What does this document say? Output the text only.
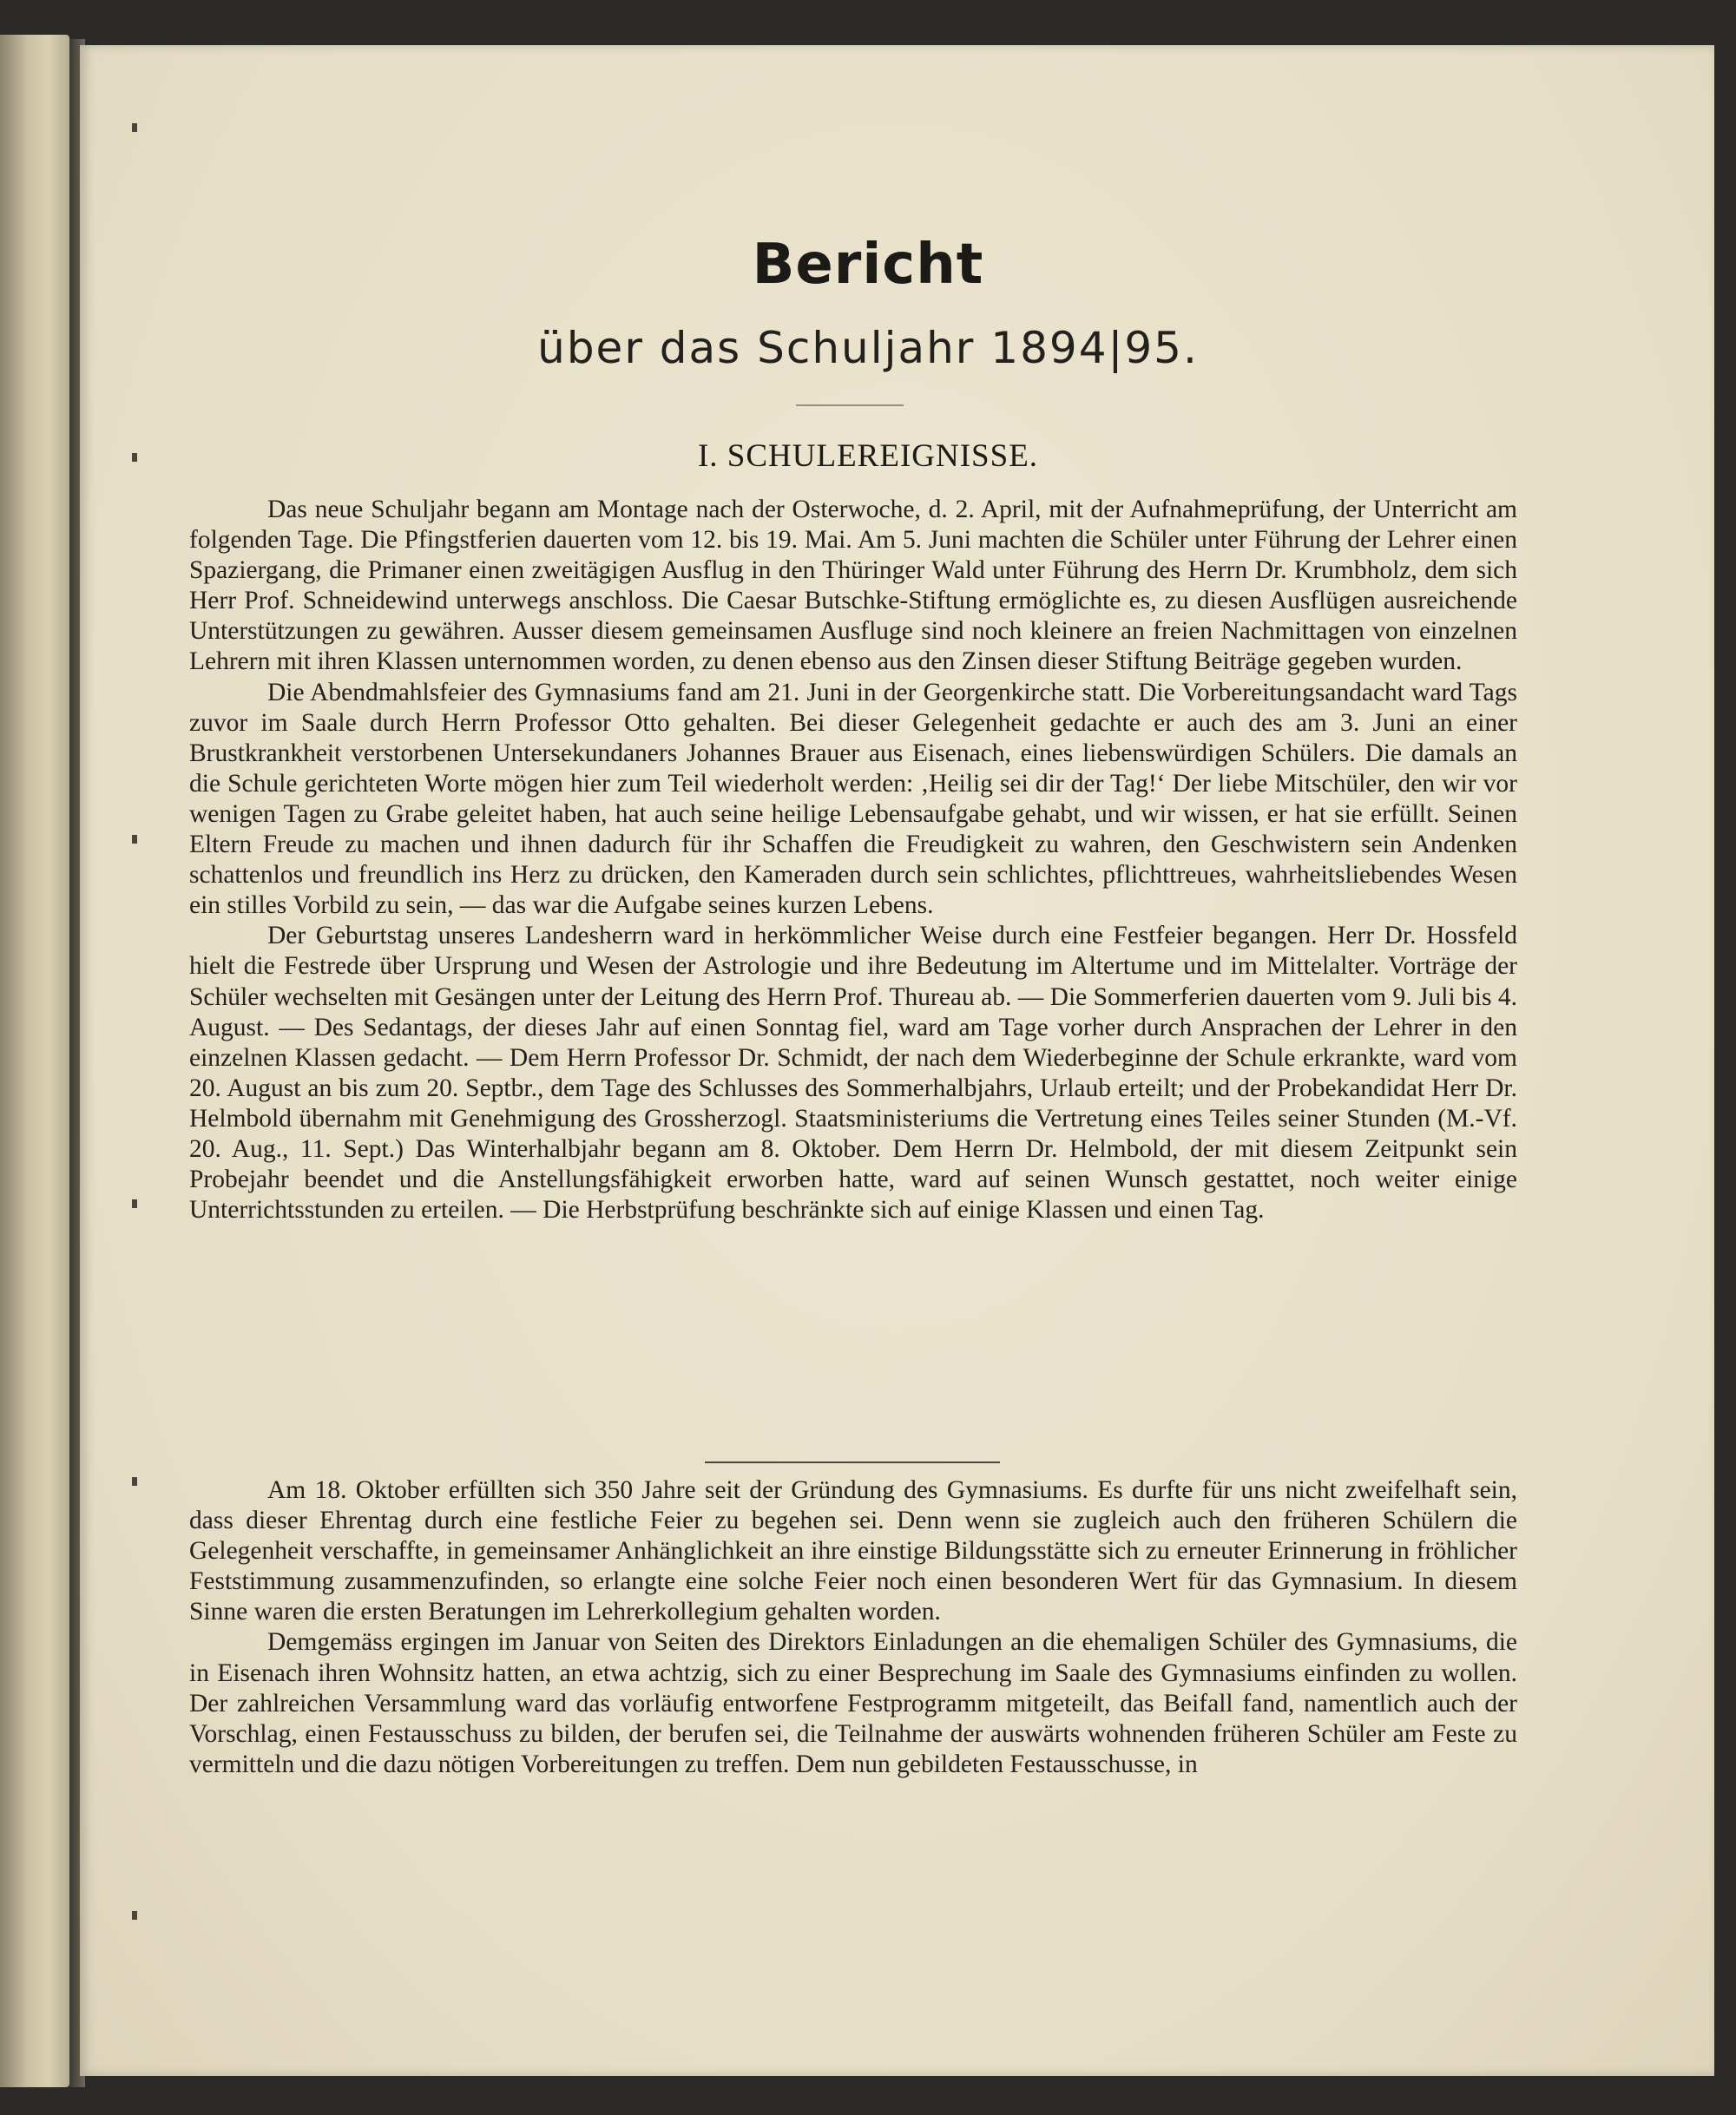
Bericht
über das Schuljahr 1894|95.
I. SCHULEREIGNISSE.

Das neue Schuljahr begann am Montage nach der Osterwoche, d. 2. April, mit der Aufnahmeprüfung, der Unterricht am folgenden Tage. Die Pfingstferien dauerten vom 12. bis 19. Mai. Am 5. Juni machten die Schüler unter Führung der Lehrer einen Spaziergang, die Primaner einen zweitägigen Ausflug in den Thüringer Wald unter Führung des Herrn Dr. Krumbholz, dem sich Herr Prof. Schneidewind unterwegs anschloss. Die Caesar Butschke-Stiftung ermöglichte es, zu diesen Ausflügen ausreichende Unterstützungen zu gewähren. Ausser diesem gemeinsamen Ausfluge sind noch kleinere an freien Nachmittagen von einzelnen Lehrern mit ihren Klassen unternommen worden, zu denen ebenso aus den Zinsen dieser Stiftung Beiträge gegeben wurden.

Die Abendmahlsfeier des Gymnasiums fand am 21. Juni in der Georgenkirche statt. Die Vorbereitungsandacht ward Tags zuvor im Saale durch Herrn Professor Otto gehalten. Bei dieser Gelegenheit gedachte er auch des am 3. Juni an einer Brustkrankheit verstorbenen Untersekundaners Johannes Brauer aus Eisenach, eines liebenswürdigen Schülers. Die damals an die Schule gerichteten Worte mögen hier zum Teil wiederholt werden: ‚Heilig sei dir der Tag!‘ Der liebe Mitschüler, den wir vor wenigen Tagen zu Grabe geleitet haben, hat auch seine heilige Lebensaufgabe gehabt, und wir wissen, er hat sie erfüllt. Seinen Eltern Freude zu machen und ihnen dadurch für ihr Schaffen die Freudigkeit zu wahren, den Geschwistern sein Andenken schattenlos und freundlich ins Herz zu drücken, den Kameraden durch sein schlichtes, pflichttreues, wahrheitsliebendes Wesen ein stilles Vorbild zu sein, — das war die Aufgabe seines kurzen Lebens.

Der Geburtstag unseres Landesherrn ward in herkömmlicher Weise durch eine Festfeier begangen. Herr Dr. Hossfeld hielt die Festrede über Ursprung und Wesen der Astrologie und ihre Bedeutung im Altertume und im Mittelalter. Vorträge der Schüler wechselten mit Gesängen unter der Leitung des Herrn Prof. Thureau ab. — Die Sommerferien dauerten vom 9. Juli bis 4. August. — Des Sedantags, der dieses Jahr auf einen Sonntag fiel, ward am Tage vorher durch Ansprachen der Lehrer in den einzelnen Klassen gedacht. — Dem Herrn Professor Dr. Schmidt, der nach dem Wiederbeginne der Schule erkrankte, ward vom 20. August an bis zum 20. Septbr., dem Tage des Schlusses des Sommerhalbjahrs, Urlaub erteilt; und der Probekandidat Herr Dr. Helmbold übernahm mit Genehmigung des Grossherzogl. Staatsministeriums die Vertretung eines Teiles seiner Stunden (M.-Vf. 20. Aug., 11. Sept.) Das Winterhalbjahr begann am 8. Oktober. Dem Herrn Dr. Helmbold, der mit diesem Zeitpunkt sein Probejahr beendet und die Anstellungsfähigkeit erworben hatte, ward auf seinen Wunsch gestattet, noch weiter einige Unterrichtsstunden zu erteilen. — Die Herbstprüfung beschränkte sich auf einige Klassen und einen Tag.

Am 18. Oktober erfüllten sich 350 Jahre seit der Gründung des Gymnasiums. Es durfte für uns nicht zweifelhaft sein, dass dieser Ehrentag durch eine festliche Feier zu begehen sei. Denn wenn sie zugleich auch den früheren Schülern die Gelegenheit verschaffte, in gemeinsamer Anhänglichkeit an ihre einstige Bildungsstätte sich zu erneuter Erinnerung in fröhlicher Feststimmung zusammenzufinden, so erlangte eine solche Feier noch einen besonderen Wert für das Gymnasium. In diesem Sinne waren die ersten Beratungen im Lehrerkollegium gehalten worden.

Demgemäss ergingen im Januar von Seiten des Direktors Einladungen an die ehemaligen Schüler des Gymnasiums, die in Eisenach ihren Wohnsitz hatten, an etwa achtzig, sich zu einer Besprechung im Saale des Gymnasiums einfinden zu wollen. Der zahlreichen Versammlung ward das vorläufig entworfene Festprogramm mitgeteilt, das Beifall fand, namentlich auch der Vorschlag, einen Festausschuss zu bilden, der berufen sei, die Teilnahme der auswärts wohnenden früheren Schüler am Feste zu vermitteln und die dazu nötigen Vorbereitungen zu treffen. Dem nun gebildeten Festausschusse, in
